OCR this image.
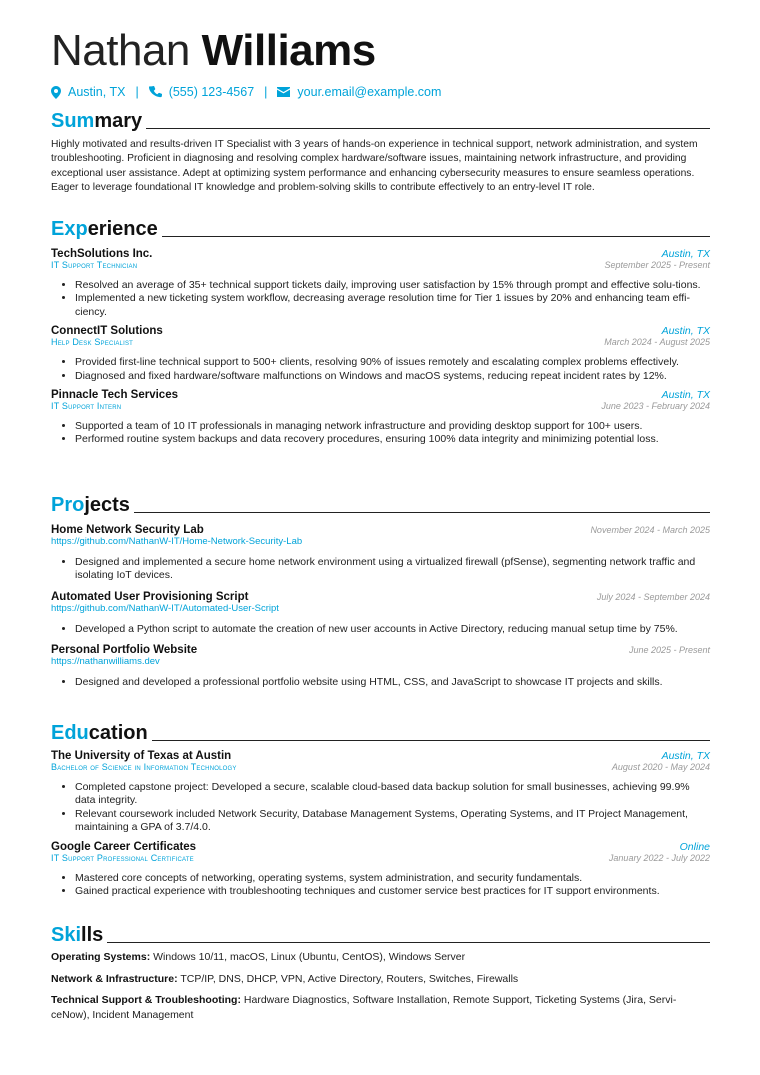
Nathan Williams
Austin, TX | (555) 123-4567 | your.email@example.com
Summary
Highly motivated and results-driven IT Specialist with 3 years of hands-on experience in technical support, network administration, and system troubleshooting. Proficient in diagnosing and resolving complex hardware/software issues, maintaining network infrastructure, and providing exceptional user assistance. Adept at optimizing system performance and enhancing cybersecurity measures to ensure seamless operations. Eager to leverage foundational IT knowledge and problem-solving skills to contribute effectively to an entry-level IT role.
Experience
TechSolutions Inc.	Austin, TX
IT Support Technician	September 2025 - Present
• Resolved an average of 35+ technical support tickets daily, improving user satisfaction by 15% through prompt and effective solu-tions.
• Implemented a new ticketing system workflow, decreasing average resolution time for Tier 1 issues by 20% and enhancing team effi-ciency.
ConnectIT Solutions	Austin, TX
Help Desk Specialist	March 2024 - August 2025
• Provided first-line technical support to 500+ clients, resolving 90% of issues remotely and escalating complex problems effectively.
• Diagnosed and fixed hardware/software malfunctions on Windows and macOS systems, reducing repeat incident rates by 12%.
Pinnacle Tech Services	Austin, TX
IT Support Intern	June 2023 - February 2024
• Supported a team of 10 IT professionals in managing network infrastructure and providing desktop support for 100+ users.
• Performed routine system backups and data recovery procedures, ensuring 100% data integrity and minimizing potential loss.
Projects
Home Network Security Lab	November 2024 - March 2025
https://github.com/NathanW-IT/Home-Network-Security-Lab
• Designed and implemented a secure home network environment using a virtualized firewall (pfSense), segmenting network traffic and isolating IoT devices.
Automated User Provisioning Script	July 2024 - September 2024
https://github.com/NathanW-IT/Automated-User-Script
• Developed a Python script to automate the creation of new user accounts in Active Directory, reducing manual setup time by 75%.
Personal Portfolio Website	June 2025 - Present
https://nathanwilliams.dev
• Designed and developed a professional portfolio website using HTML, CSS, and JavaScript to showcase IT projects and skills.
Education
The University of Texas at Austin	Austin, TX
Bachelor of Science in Information Technology	August 2020 - May 2024
• Completed capstone project: Developed a secure, scalable cloud-based data backup solution for small businesses, achieving 99.9% data integrity.
• Relevant coursework included Network Security, Database Management Systems, Operating Systems, and IT Project Management, maintaining a GPA of 3.7/4.0.
Google Career Certificates	Online
IT Support Professional Certificate	January 2022 - July 2022
• Mastered core concepts of networking, operating systems, system administration, and security fundamentals.
• Gained practical experience with troubleshooting techniques and customer service best practices for IT support environments.
Skills
Operating Systems: Windows 10/11, macOS, Linux (Ubuntu, CentOS), Windows Server
Network & Infrastructure: TCP/IP, DNS, DHCP, VPN, Active Directory, Routers, Switches, Firewalls
Technical Support & Troubleshooting: Hardware Diagnostics, Software Installation, Remote Support, Ticketing Systems (Jira, Servi-ceNow), Incident Management
